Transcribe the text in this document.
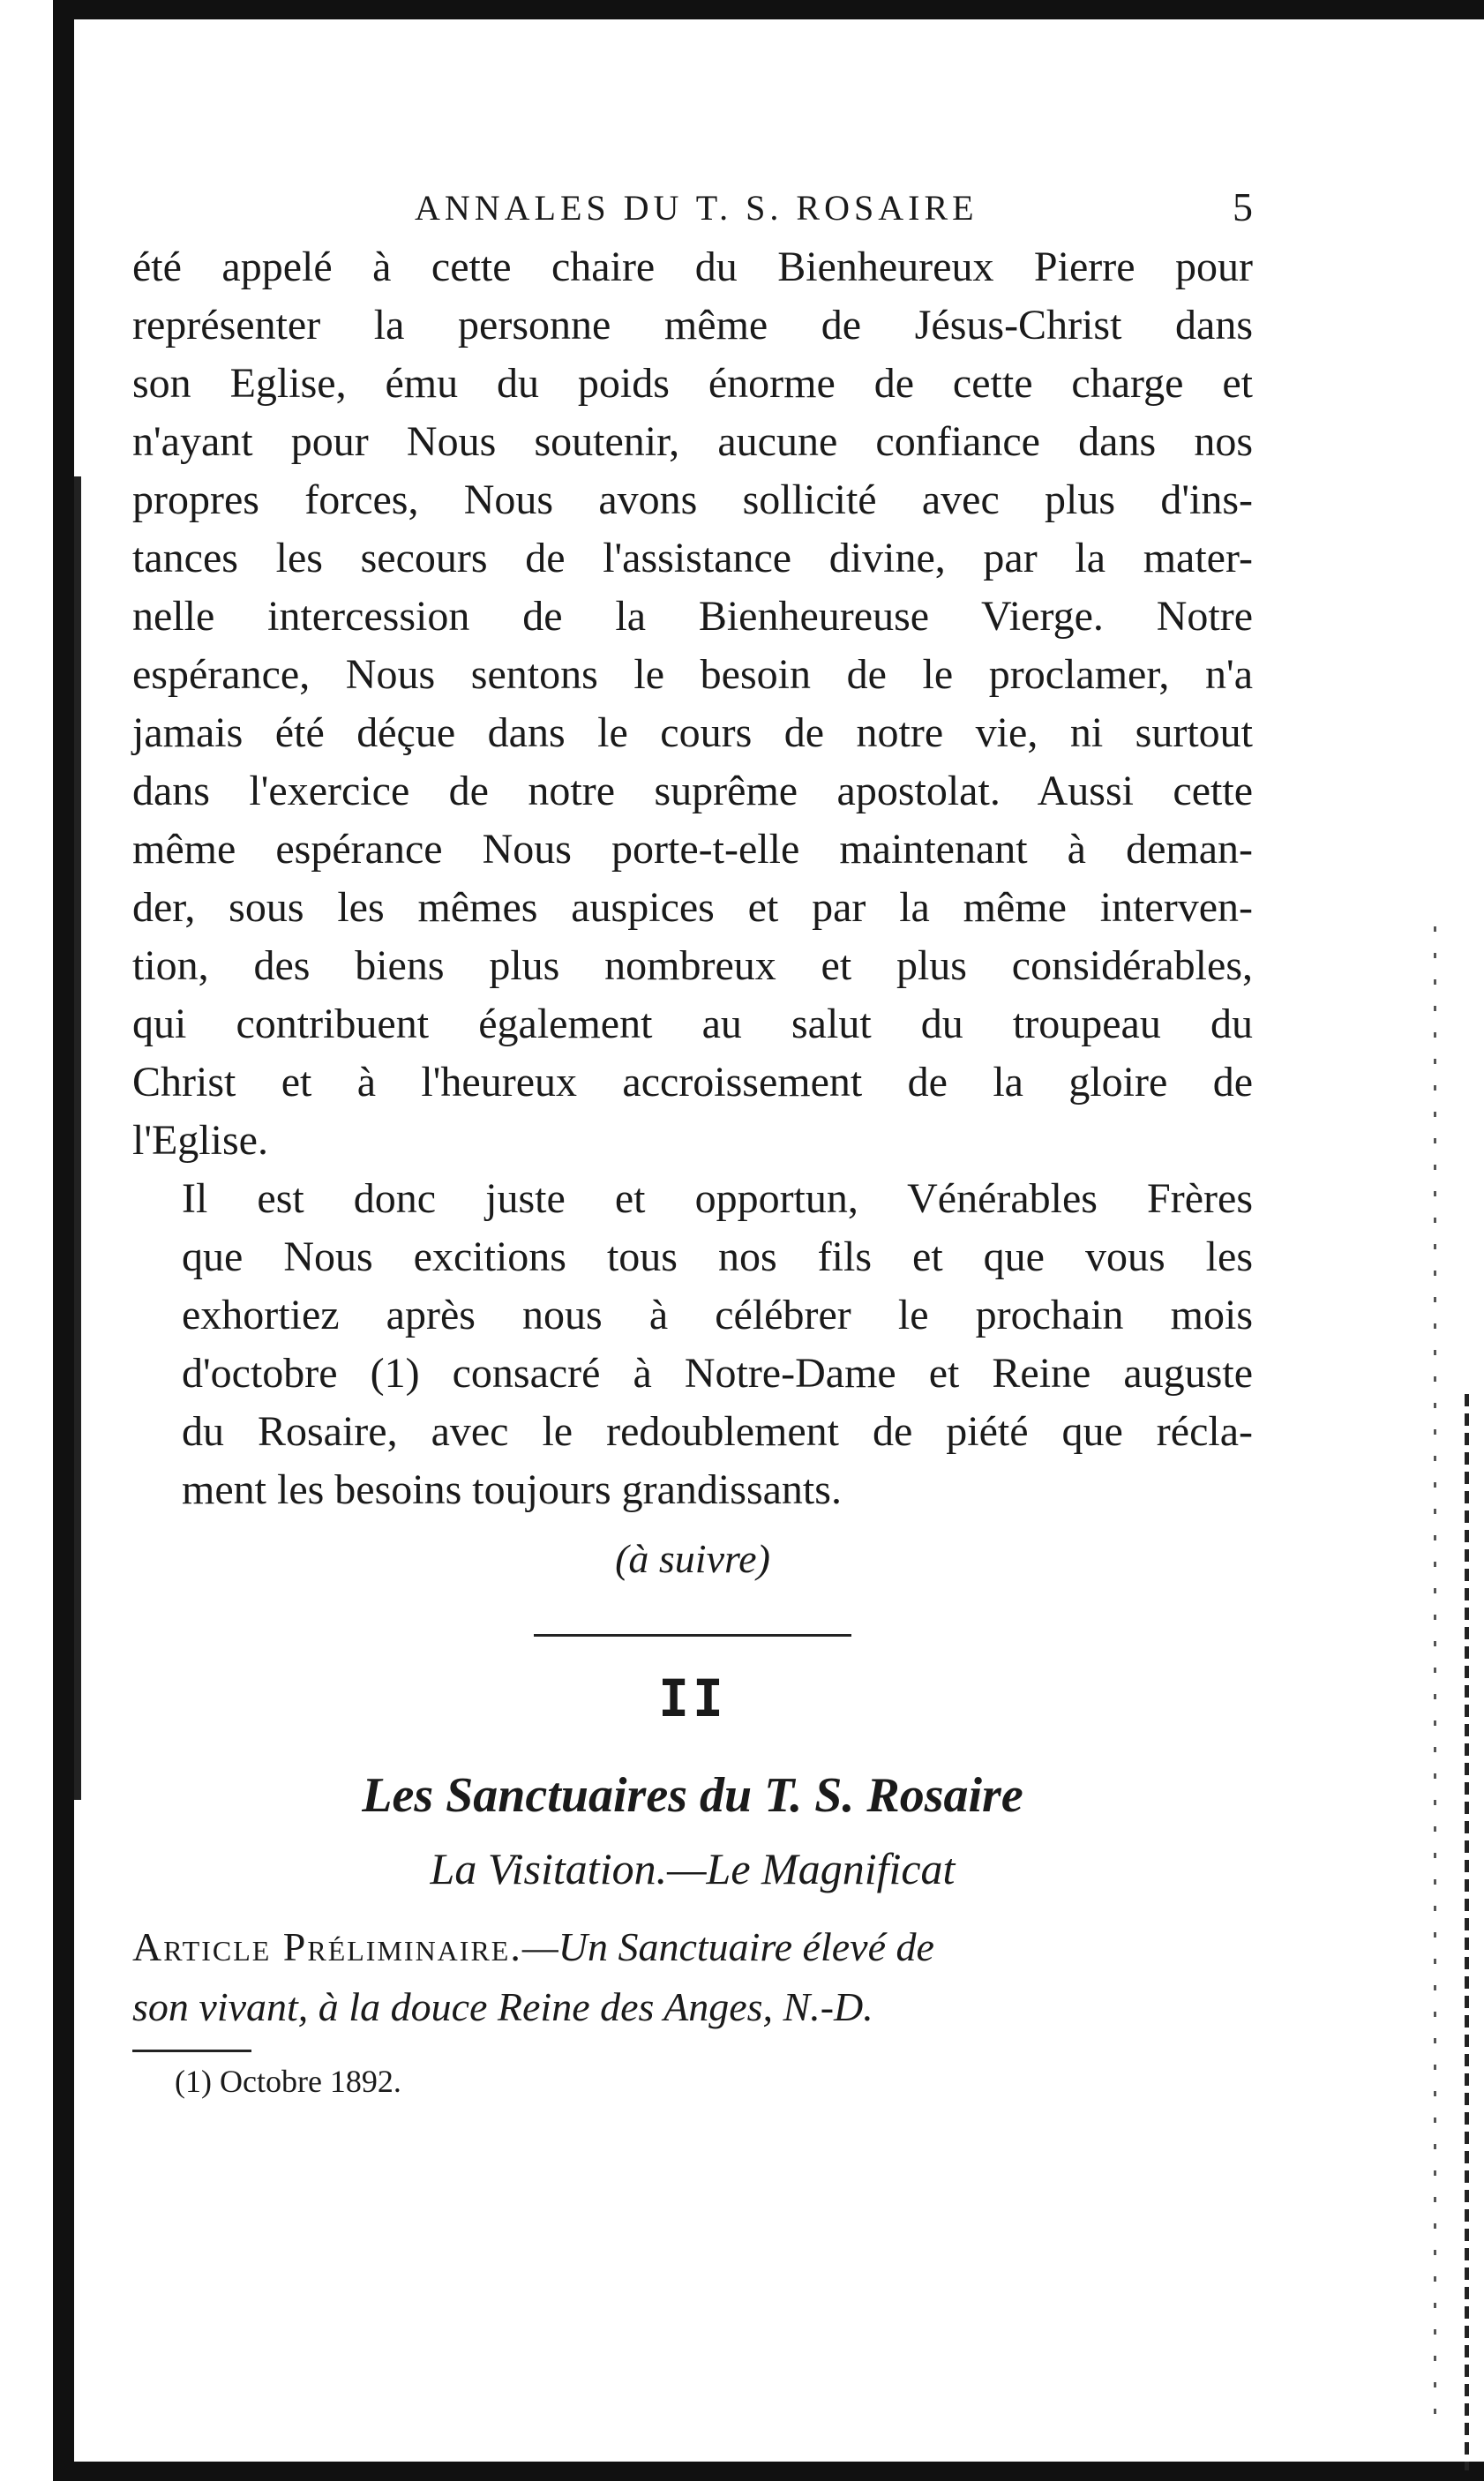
ANNALES DU T. S. ROSAIRE	5

été appelé à cette chaire du Bienheureux Pierre pour
représenter la personne même de Jésus-Christ dans
son Eglise, ému du poids énorme de cette charge et
n'ayant pour Nous soutenir, aucune confiance dans nos
propres forces, Nous avons sollicité avec plus d'ins-
tances les secours de l'assistance divine, par la mater-
nelle intercession de la Bienheureuse Vierge. Notre
espérance, Nous sentons le besoin de le proclamer, n'a
jamais été déçue dans le cours de notre vie, ni surtout
dans l'exercice de notre suprême apostolat. Aussi cette
même espérance Nous porte-t-elle maintenant à deman-
der, sous les mêmes auspices et par la même interven-
tion, des biens plus nombreux et plus considérables,
qui contribuent également au salut du troupeau du
Christ et à l'heureux accroissement de la gloire de
l'Eglise.

Il est donc juste et opportun, Vénérables Frères
que Nous excitions tous nos fils et que vous les
exhortiez après nous à célébrer le prochain mois
d'octobre (1) consacré à Notre-Dame et Reine auguste
du Rosaire, avec le redoublement de piété que récla-
ment les besoins toujours grandissants.

(à suivre)
II
Les Sanctuaires du T. S. Rosaire
La Visitation.—Le Magnificat
Article Préliminaire.—Un Sanctuaire élevé de
son vivant, à la douce Reine des Anges, N.-D.
(1) Octobre 1892.
